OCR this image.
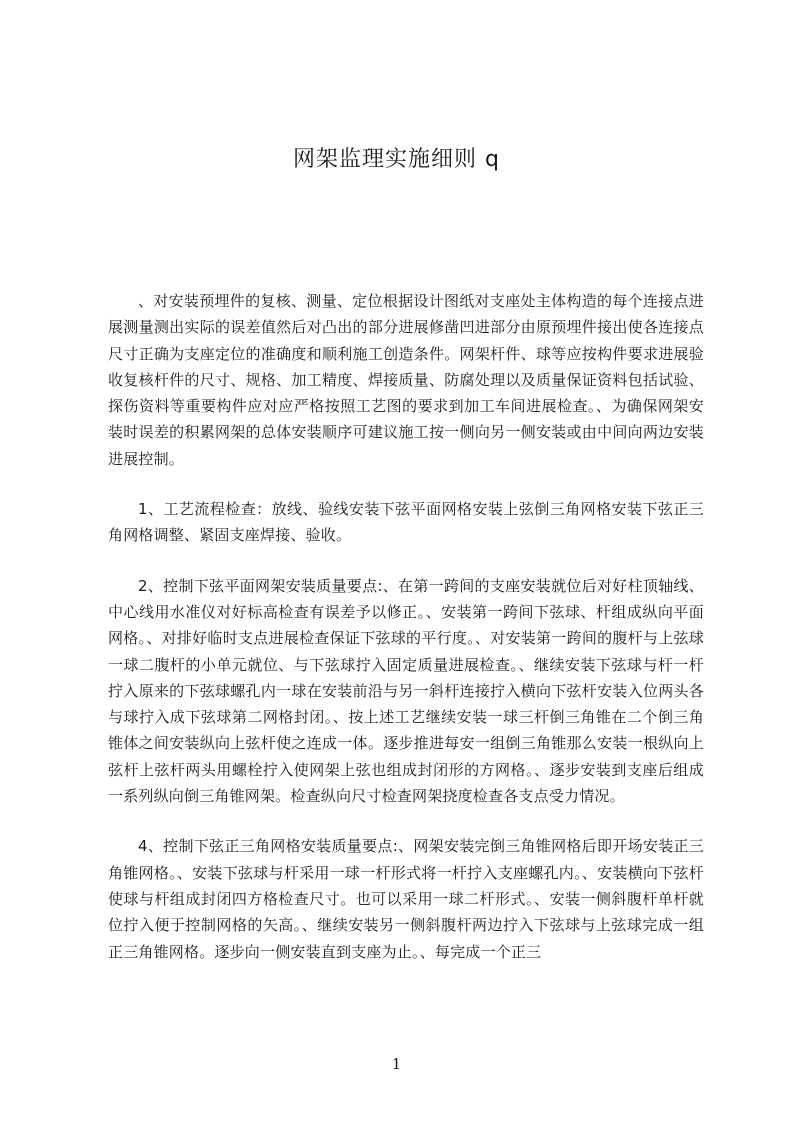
网架监理实施细则 q

、对安装预埋件的复核、测量、定位根据设计图纸对支座处主体构造的每个连接点进展测量测出实际的误差值然后对凸出的部分进展修凿凹进部分由原预埋件接出使各连接点尺寸正确为支座定位的准确度和顺利施工创造条件。网架杆件、球等应按构件要求进展验收复核杆件的尺寸、规格、加工精度、焊接质量、防腐处理以及质量保证资料包括试验、探伤资料等重要构件应对应严格按照工艺图的要求到加工车间进展检查。、为确保网架安装时误差的积累网架的总体安装顺序可建议施工按一侧向另一侧安装或由中间向两边安装进展控制。

1、工艺流程检查：放线、验线安装下弦平面网格安装上弦倒三角网格安装下弦正三角网格调整、紧固支座焊接、验收。

2、控制下弦平面网架安装质量要点:、在第一跨间的支座安装就位后对好柱顶轴线、中心线用水准仪对好标高检查有误差予以修正。、安装第一跨间下弦球、杆组成纵向平面网格。、对排好临时支点进展检查保证下弦球的平行度。、对安装第一跨间的腹杆与上弦球一球二腹杆的小单元就位、与下弦球拧入固定质量进展检查。、继续安装下弦球与杆一杆拧入原来的下弦球螺孔内一球在安装前沿与另一斜杆连接拧入横向下弦杆安装入位两头各与球拧入成下弦球第二网格封闭。、按上述工艺继续安装一球三杆倒三角锥在二个倒三角锥体之间安装纵向上弦杆使之连成一体。逐步推进每安一组倒三角锥那么安装一根纵向上弦杆上弦杆两头用螺栓拧入使网架上弦也组成封闭形的方网格。、逐步安装到支座后组成一系列纵向倒三角锥网架。检查纵向尺寸检查网架挠度检查各支点受力情况。

4、控制下弦正三角网格安装质量要点:、网架安装完倒三角锥网格后即开场安装正三角锥网格。、安装下弦球与杆采用一球一杆形式将一杆拧入支座螺孔内。、安装横向下弦杆使球与杆组成封闭四方格检查尺寸。也可以采用一球二杆形式。、安装一侧斜腹杆单杆就位拧入便于控制网格的矢高。、继续安装另一侧斜腹杆两边拧入下弦球与上弦球完成一组正三角锥网格。逐步向一侧安装直到支座为止。、每完成一个正三

1
